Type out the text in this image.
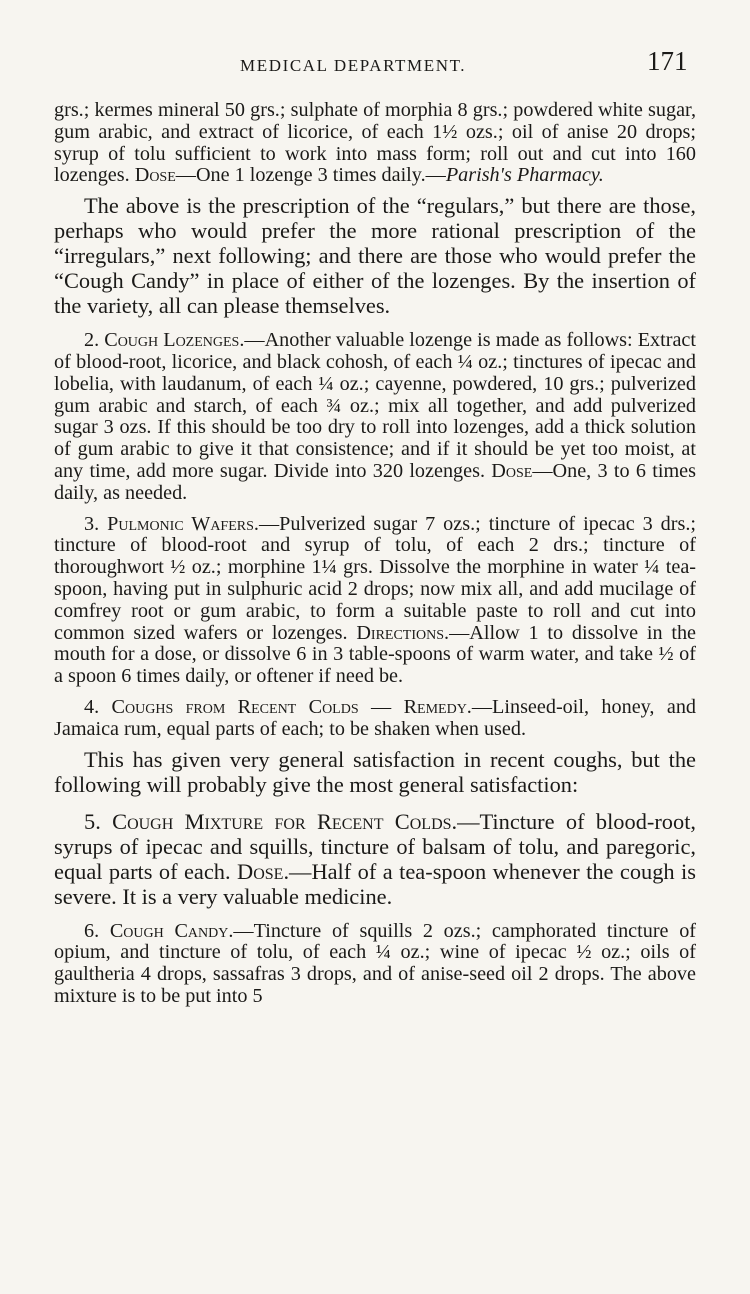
MEDICAL DEPARTMENT.	171

grs.; kermes mineral 50 grs.; sulphate of morphia 8 grs.; powdered white sugar, gum arabic, and extract of licorice, of each 1½ ozs.; oil of anise 20 drops; syrup of tolu sufficient to work into mass form; roll out and cut into 160 lozenges. Dose—One 1 lozenge 3 times daily.—Parish's Pharmacy.

The above is the prescription of the “regulars,” but there are those, perhaps who would prefer the more rational prescription of the “irregulars,” next following; and there are those who would prefer the “Cough Candy” in place of either of the lozenges. By the insertion of the variety, all can please themselves.

2. Cough Lozenges.—Another valuable lozenge is made as follows: Extract of blood-root, licorice, and black cohosh, of each ¼ oz.; tinctures of ipecac and lobelia, with laudanum, of each ¼ oz.; cayenne, powdered, 10 grs.; pulverized gum arabic and starch, of each ¾ oz.; mix all together, and add pulverized sugar 3 ozs. If this should be too dry to roll into lozenges, add a thick solution of gum arabic to give it that consistence; and if it should be yet too moist, at any time, add more sugar. Divide into 320 lozenges. Dose—One, 3 to 6 times daily, as needed.

3. Pulmonic Wafers.—Pulverized sugar 7 ozs.; tincture of ipecac 3 drs.; tincture of blood-root and syrup of tolu, of each 2 drs.; tincture of thoroughwort ½ oz.; morphine 1¼ grs. Dissolve the morphine in water ¼ tea-spoon, having put in sulphuric acid 2 drops; now mix all, and add mucilage of comfrey root or gum arabic, to form a suitable paste to roll and cut into common sized wafers or lozenges. Directions.—Allow 1 to dissolve in the mouth for a dose, or dissolve 6 in 3 table-spoons of warm water, and take ½ of a spoon 6 times daily, or oftener if need be.

4. Coughs from Recent Colds — Remedy.—Linseed-oil, honey, and Jamaica rum, equal parts of each; to be shaken when used.

This has given very general satisfaction in recent coughs, but the following will probably give the most general satisfaction:

5. Cough Mixture for Recent Colds.—Tincture of blood-root, syrups of ipecac and squills, tincture of balsam of tolu, and paregoric, equal parts of each. Dose.—Half of a tea-spoon whenever the cough is severe. It is a very valuable medicine.

6. Cough Candy.—Tincture of squills 2 ozs.; camphorated tincture of opium, and tincture of tolu, of each ¼ oz.; wine of ipecac ½ oz.; oils of gaultheria 4 drops, sassafras 3 drops, and of anise-seed oil 2 drops. The above mixture is to be put into 5
